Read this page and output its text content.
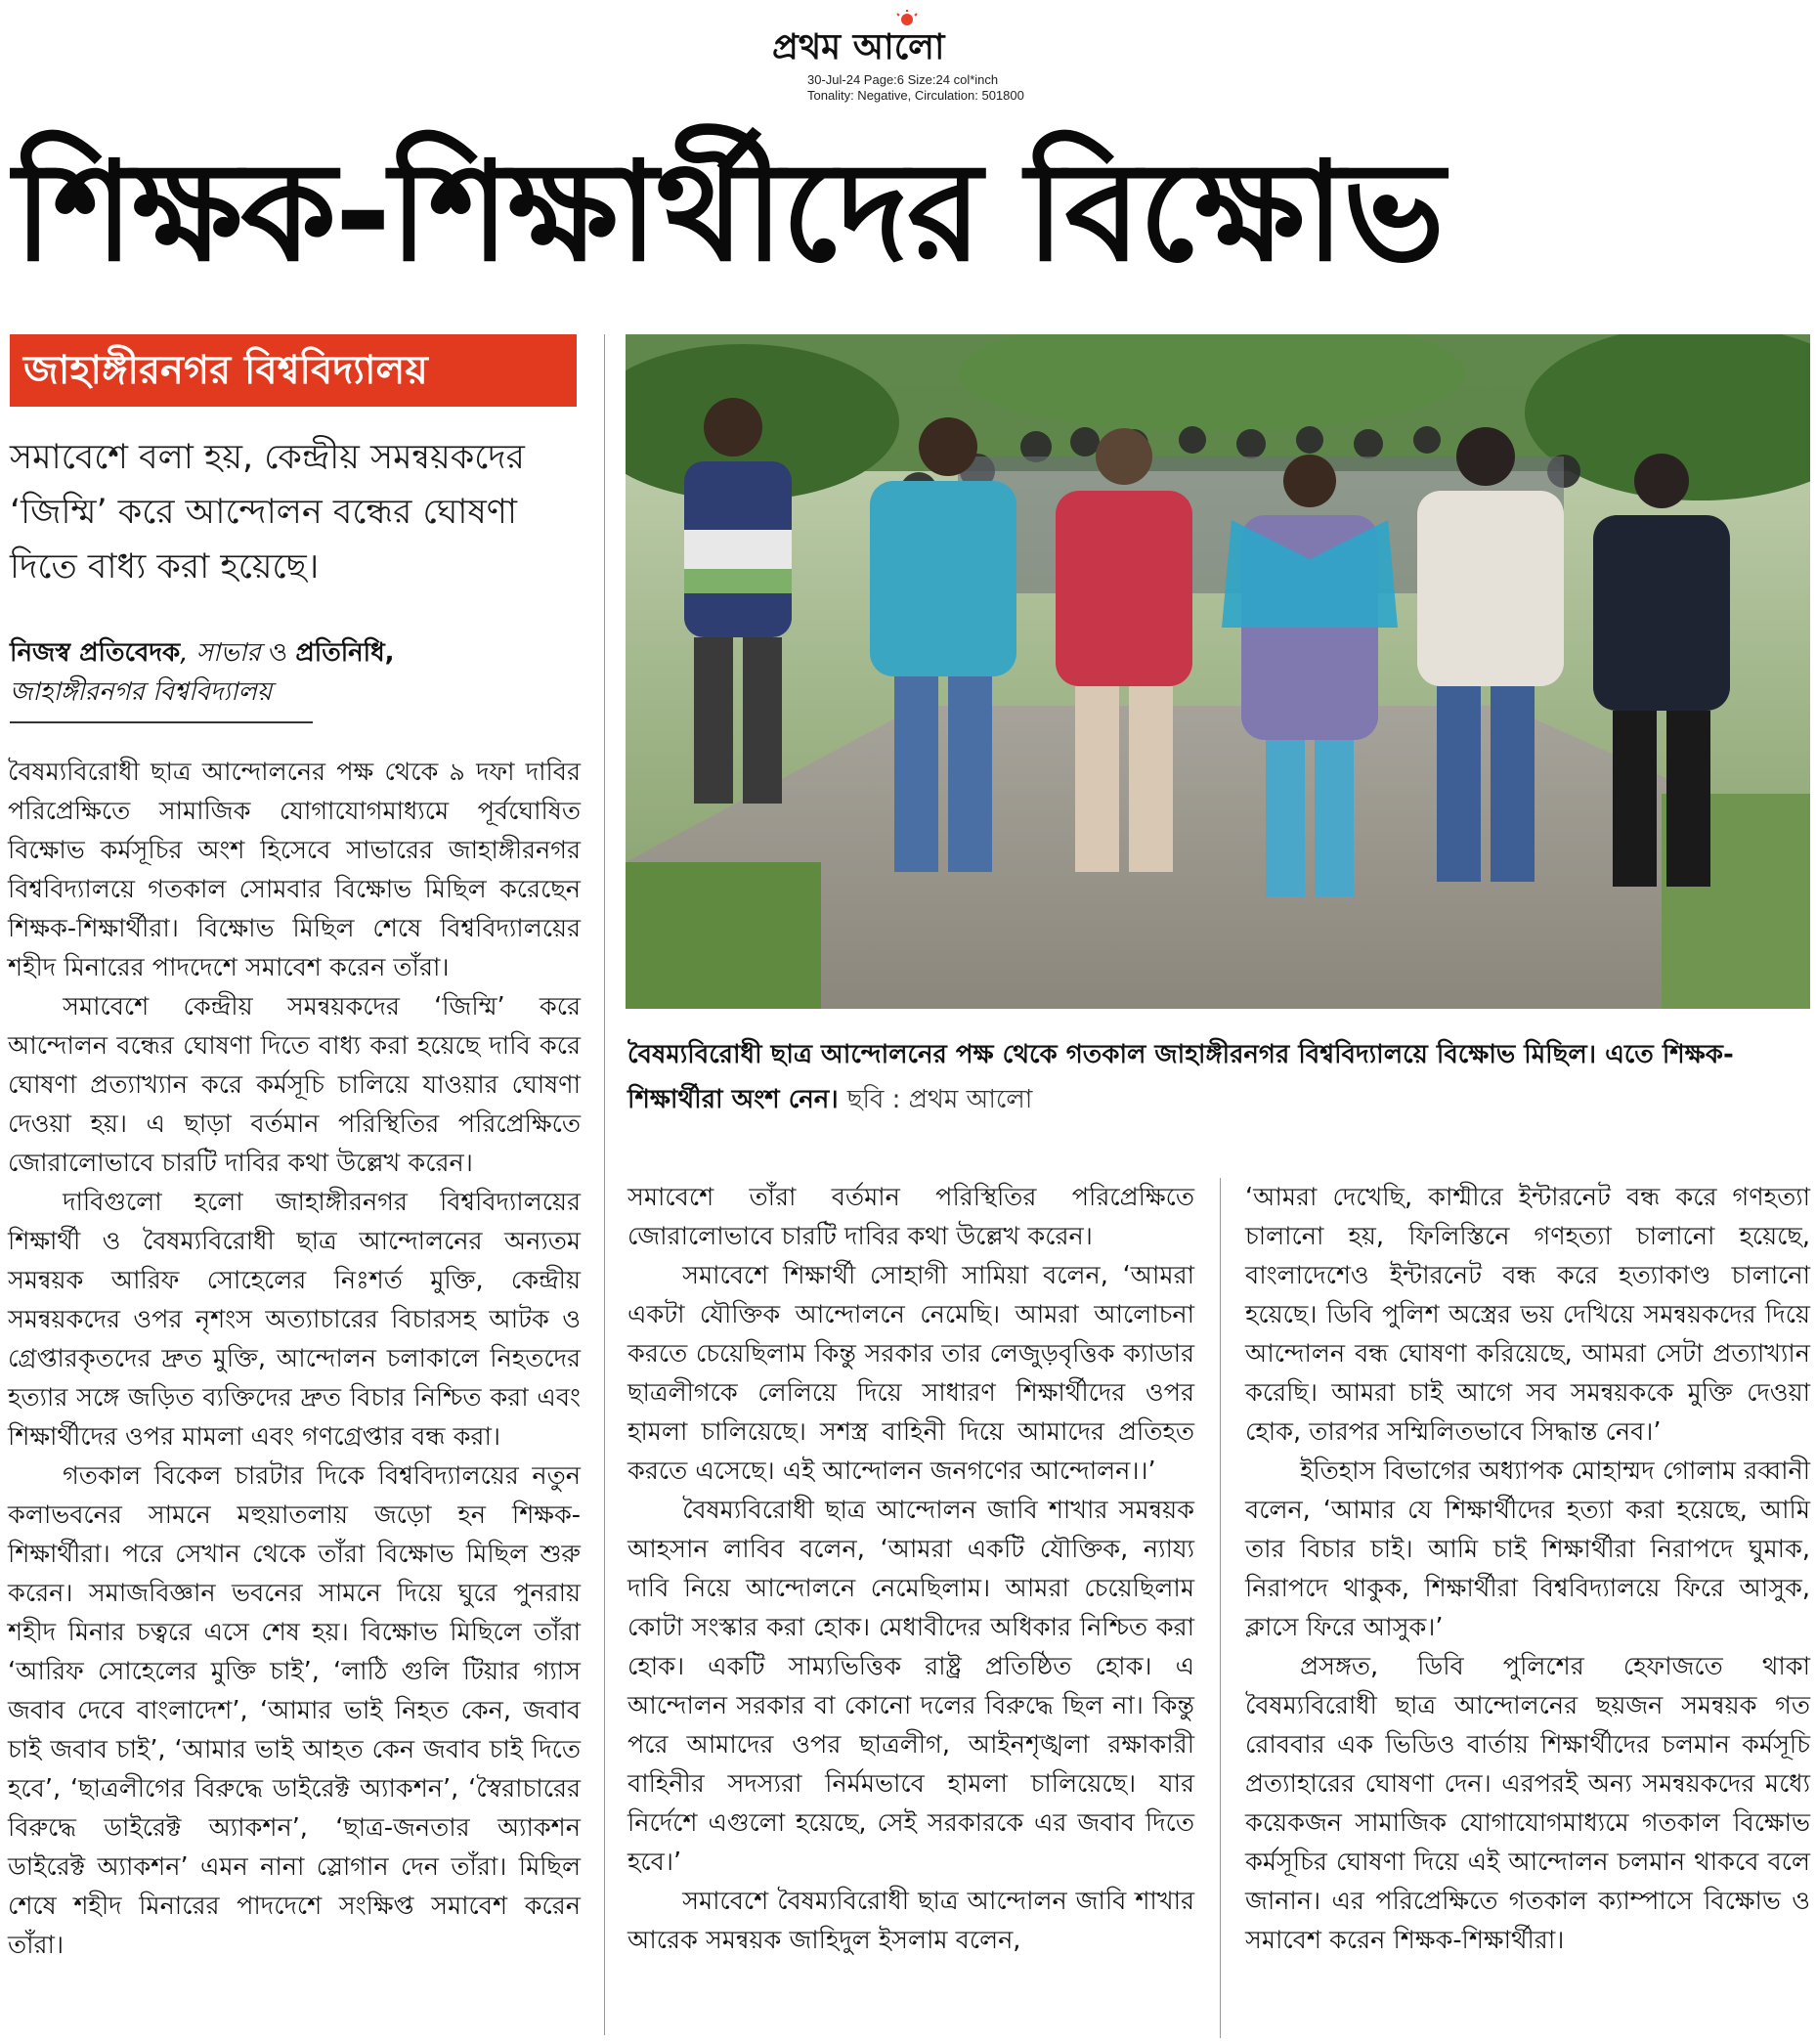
প্রথম আলো
30-Jul-24 Page:6 Size:24 col*inch
Tonality: Negative, Circulation: 501800
শিক্ষক-শিক্ষার্থীদের বিক্ষোভ
জাহাঙ্গীরনগর বিশ্ববিদ্যালয়
সমাবেশে বলা হয়, কেন্দ্রীয় সমন্বয়কদের ‘জিম্মি’ করে আন্দোলন বন্ধের ঘোষণা দিতে বাধ্য করা হয়েছে।
নিজস্ব প্রতিবেদক, সাভার ও প্রতিনিধি,
জাহাঙ্গীরনগর বিশ্ববিদ্যালয়

বৈষম্যবিরোধী ছাত্র আন্দোলনের পক্ষ থেকে ৯ দফা দাবির পরিপ্রেক্ষিতে সামাজিক যোগাযোগমাধ্যমে পূর্বঘোষিত বিক্ষোভ কর্মসূচির অংশ হিসেবে সাভারের জাহাঙ্গীরনগর বিশ্ববিদ্যালয়ে গতকাল সোমবার বিক্ষোভ মিছিল করেছেন শিক্ষক-শিক্ষার্থীরা। বিক্ষোভ মিছিল শেষে বিশ্ববিদ্যালয়ের শহীদ মিনারের পাদদেশে সমাবেশ করেন তাঁরা।

সমাবেশে কেন্দ্রীয় সমন্বয়কদের ‘জিম্মি’ করে আন্দোলন বন্ধের ঘোষণা দিতে বাধ্য করা হয়েছে দাবি করে ঘোষণা প্রত্যাখ্যান করে কর্মসূচি চালিয়ে যাওয়ার ঘোষণা দেওয়া হয়। এ ছাড়া বর্তমান পরিস্থিতির পরিপ্রেক্ষিতে জোরালোভাবে চারটি দাবির কথা উল্লেখ করেন।

দাবিগুলো হলো জাহাঙ্গীরনগর বিশ্ববিদ্যালয়ের শিক্ষার্থী ও বৈষম্যবিরোধী ছাত্র আন্দোলনের অন্যতম সমন্বয়ক আরিফ সোহেলের নিঃশর্ত মুক্তি, কেন্দ্রীয় সমন্বয়কদের ওপর নৃশংস অত্যাচারের বিচারসহ আটক ও গ্রেপ্তারকৃতদের দ্রুত মুক্তি, আন্দোলন চলাকালে নিহতদের হত্যার সঙ্গে জড়িত ব্যক্তিদের দ্রুত বিচার নিশ্চিত করা এবং শিক্ষার্থীদের ওপর মামলা এবং গণগ্রেপ্তার বন্ধ করা।

গতকাল বিকেল চারটার দিকে বিশ্ববিদ্যালয়ের নতুন কলাভবনের সামনে মহুয়াতলায় জড়ো হন শিক্ষক-শিক্ষার্থীরা। পরে সেখান থেকে তাঁরা বিক্ষোভ মিছিল শুরু করেন। সমাজবিজ্ঞান ভবনের সামনে দিয়ে ঘুরে পুনরায় শহীদ মিনার চত্বরে এসে শেষ হয়। বিক্ষোভ মিছিলে তাঁরা ‘আরিফ সোহেলের মুক্তি চাই’, ‘লাঠি গুলি টিয়ার গ্যাস জবাব দেবে বাংলাদেশ’, ‘আমার ভাই নিহত কেন, জবাব চাই জবাব চাই’, ‘আমার ভাই আহত কেন জবাব চাই দিতে হবে’, ‘ছাত্রলীগের বিরুদ্ধে ডাইরেক্ট অ্যাকশন’, ‘স্বৈরাচারের বিরুদ্ধে ডাইরেক্ট অ্যাকশন’, ‘ছাত্র-জনতার অ্যাকশন ডাইরেক্ট অ্যাকশন’ এমন নানা স্লোগান দেন তাঁরা। মিছিল শেষে শহীদ মিনারের পাদদেশে সংক্ষিপ্ত সমাবেশ করেন তাঁরা।

বৈষম্যবিরোধী ছাত্র আন্দোলনের পক্ষ থেকে গতকাল জাহাঙ্গীরনগর বিশ্ববিদ্যালয়ে বিক্ষোভ মিছিল। এতে শিক্ষক-শিক্ষার্থীরা অংশ নেন। ছবি : প্রথম আলো

সমাবেশে তাঁরা বর্তমান পরিস্থিতির পরিপ্রেক্ষিতে জোরালোভাবে চারটি দাবির কথা উল্লেখ করেন।

সমাবেশে শিক্ষার্থী সোহাগী সামিয়া বলেন, ‘আমরা একটা যৌক্তিক আন্দোলনে নেমেছি। আমরা আলোচনা করতে চেয়েছিলাম কিন্তু সরকার তার লেজুড়বৃত্তিক ক্যাডার ছাত্রলীগকে লেলিয়ে দিয়ে সাধারণ শিক্ষার্থীদের ওপর হামলা চালিয়েছে। সশস্ত্র বাহিনী দিয়ে আমাদের প্রতিহত করতে এসেছে। এই আন্দোলন জনগণের আন্দোলন।।’

বৈষম্যবিরোধী ছাত্র আন্দোলন জাবি শাখার সমন্বয়ক আহসান লাবিব বলেন, ‘আমরা একটি যৌক্তিক, ন্যায্য দাবি নিয়ে আন্দোলনে নেমেছিলাম। আমরা চেয়েছিলাম কোটা সংস্কার করা হোক। মেধাবীদের অধিকার নিশ্চিত করা হোক। একটি সাম্যভিত্তিক রাষ্ট্র প্রতিষ্ঠিত হোক। এ আন্দোলন সরকার বা কোনো দলের বিরুদ্ধে ছিল না। কিন্তু পরে আমাদের ওপর ছাত্রলীগ, আইনশৃঙ্খলা রক্ষাকারী বাহিনীর সদস্যরা নির্মমভাবে হামলা চালিয়েছে। যার নির্দেশে এগুলো হয়েছে, সেই সরকারকে এর জবাব দিতে হবে।’

সমাবেশে বৈষম্যবিরোধী ছাত্র আন্দোলন জাবি শাখার আরেক সমন্বয়ক জাহিদুল ইসলাম বলেন,

‘আমরা দেখেছি, কাশ্মীরে ইন্টারনেট বন্ধ করে গণহত্যা চালানো হয়, ফিলিস্তিনে গণহত্যা চালানো হয়েছে, বাংলাদেশেও ইন্টারনেট বন্ধ করে হত্যাকাণ্ড চালানো হয়েছে। ডিবি পুলিশ অস্ত্রের ভয় দেখিয়ে সমন্বয়কদের দিয়ে আন্দোলন বন্ধ ঘোষণা করিয়েছে, আমরা সেটা প্রত্যাখ্যান করেছি। আমরা চাই আগে সব সমন্বয়ককে মুক্তি দেওয়া হোক, তারপর সম্মিলিতভাবে সিদ্ধান্ত নেব।’

ইতিহাস বিভাগের অধ্যাপক মোহাম্মদ গোলাম রব্বানী বলেন, ‘আমার যে শিক্ষার্থীদের হত্যা করা হয়েছে, আমি তার বিচার চাই। আমি চাই শিক্ষার্থীরা নিরাপদে ঘুমাক, নিরাপদে থাকুক, শিক্ষার্থীরা বিশ্ববিদ্যালয়ে ফিরে আসুক, ক্লাসে ফিরে আসুক।’

প্রসঙ্গত, ডিবি পুলিশের হেফাজতে থাকা বৈষম্যবিরোধী ছাত্র আন্দোলনের ছয়জন সমন্বয়ক গত রোববার এক ভিডিও বার্তায় শিক্ষার্থীদের চলমান কর্মসূচি প্রত্যাহারের ঘোষণা দেন। এরপরই অন্য সমন্বয়কদের মধ্যে কয়েকজন সামাজিক যোগাযোগমাধ্যমে গতকাল বিক্ষোভ কর্মসূচির ঘোষণা দিয়ে এই আন্দোলন চলমান থাকবে বলে জানান। এর পরিপ্রেক্ষিতে গতকাল ক্যাম্পাসে বিক্ষোভ ও সমাবেশ করেন শিক্ষক-শিক্ষার্থীরা।
